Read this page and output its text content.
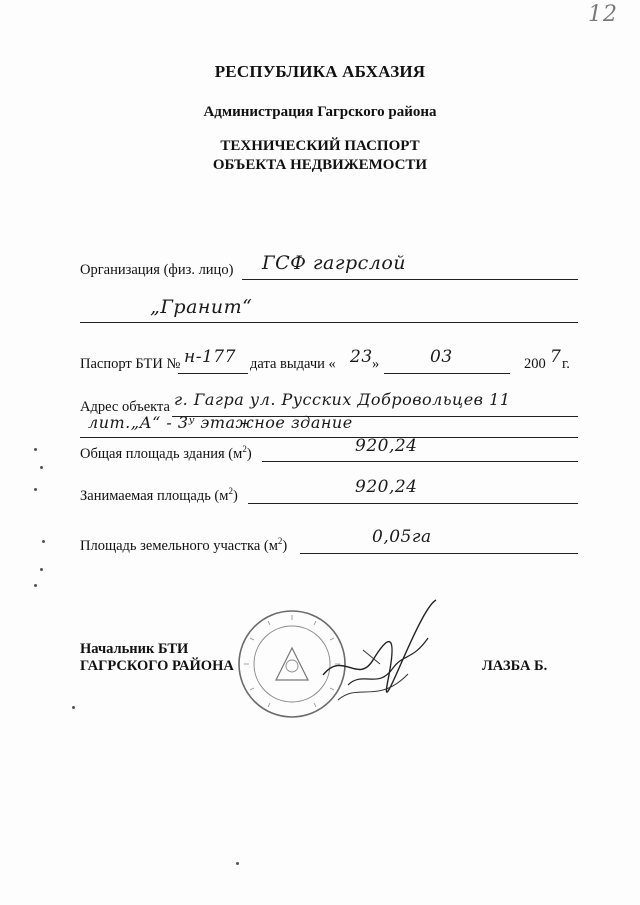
12
РЕСПУБЛИКА АБХАЗИЯ
Администрация Гагрского района
ТЕХНИЧЕСКИЙ ПАСПОРТ
ОБЪЕКТА НЕДВИЖЕМОСТИ
Организация (физ. лицо) ГСФ гагрслой
„Гранит“
Паспорт БТИ № н-177 дата выдачи « 23 »	03	200 7 г.
Адрес объекта г. Гагра ул. Русских Добровольцев 11
лит.„А“ - 3ʸ этажное здание
Общая площадь здания $(м^2)$	920,24
Занимаемая площадь $(м^2)$	920,24
Площадь земельного участка $(м^2)$	0,05га
Начальник БТИ
ГАГРСКОГО РАЙОНА	ЛАЗБА Б.
